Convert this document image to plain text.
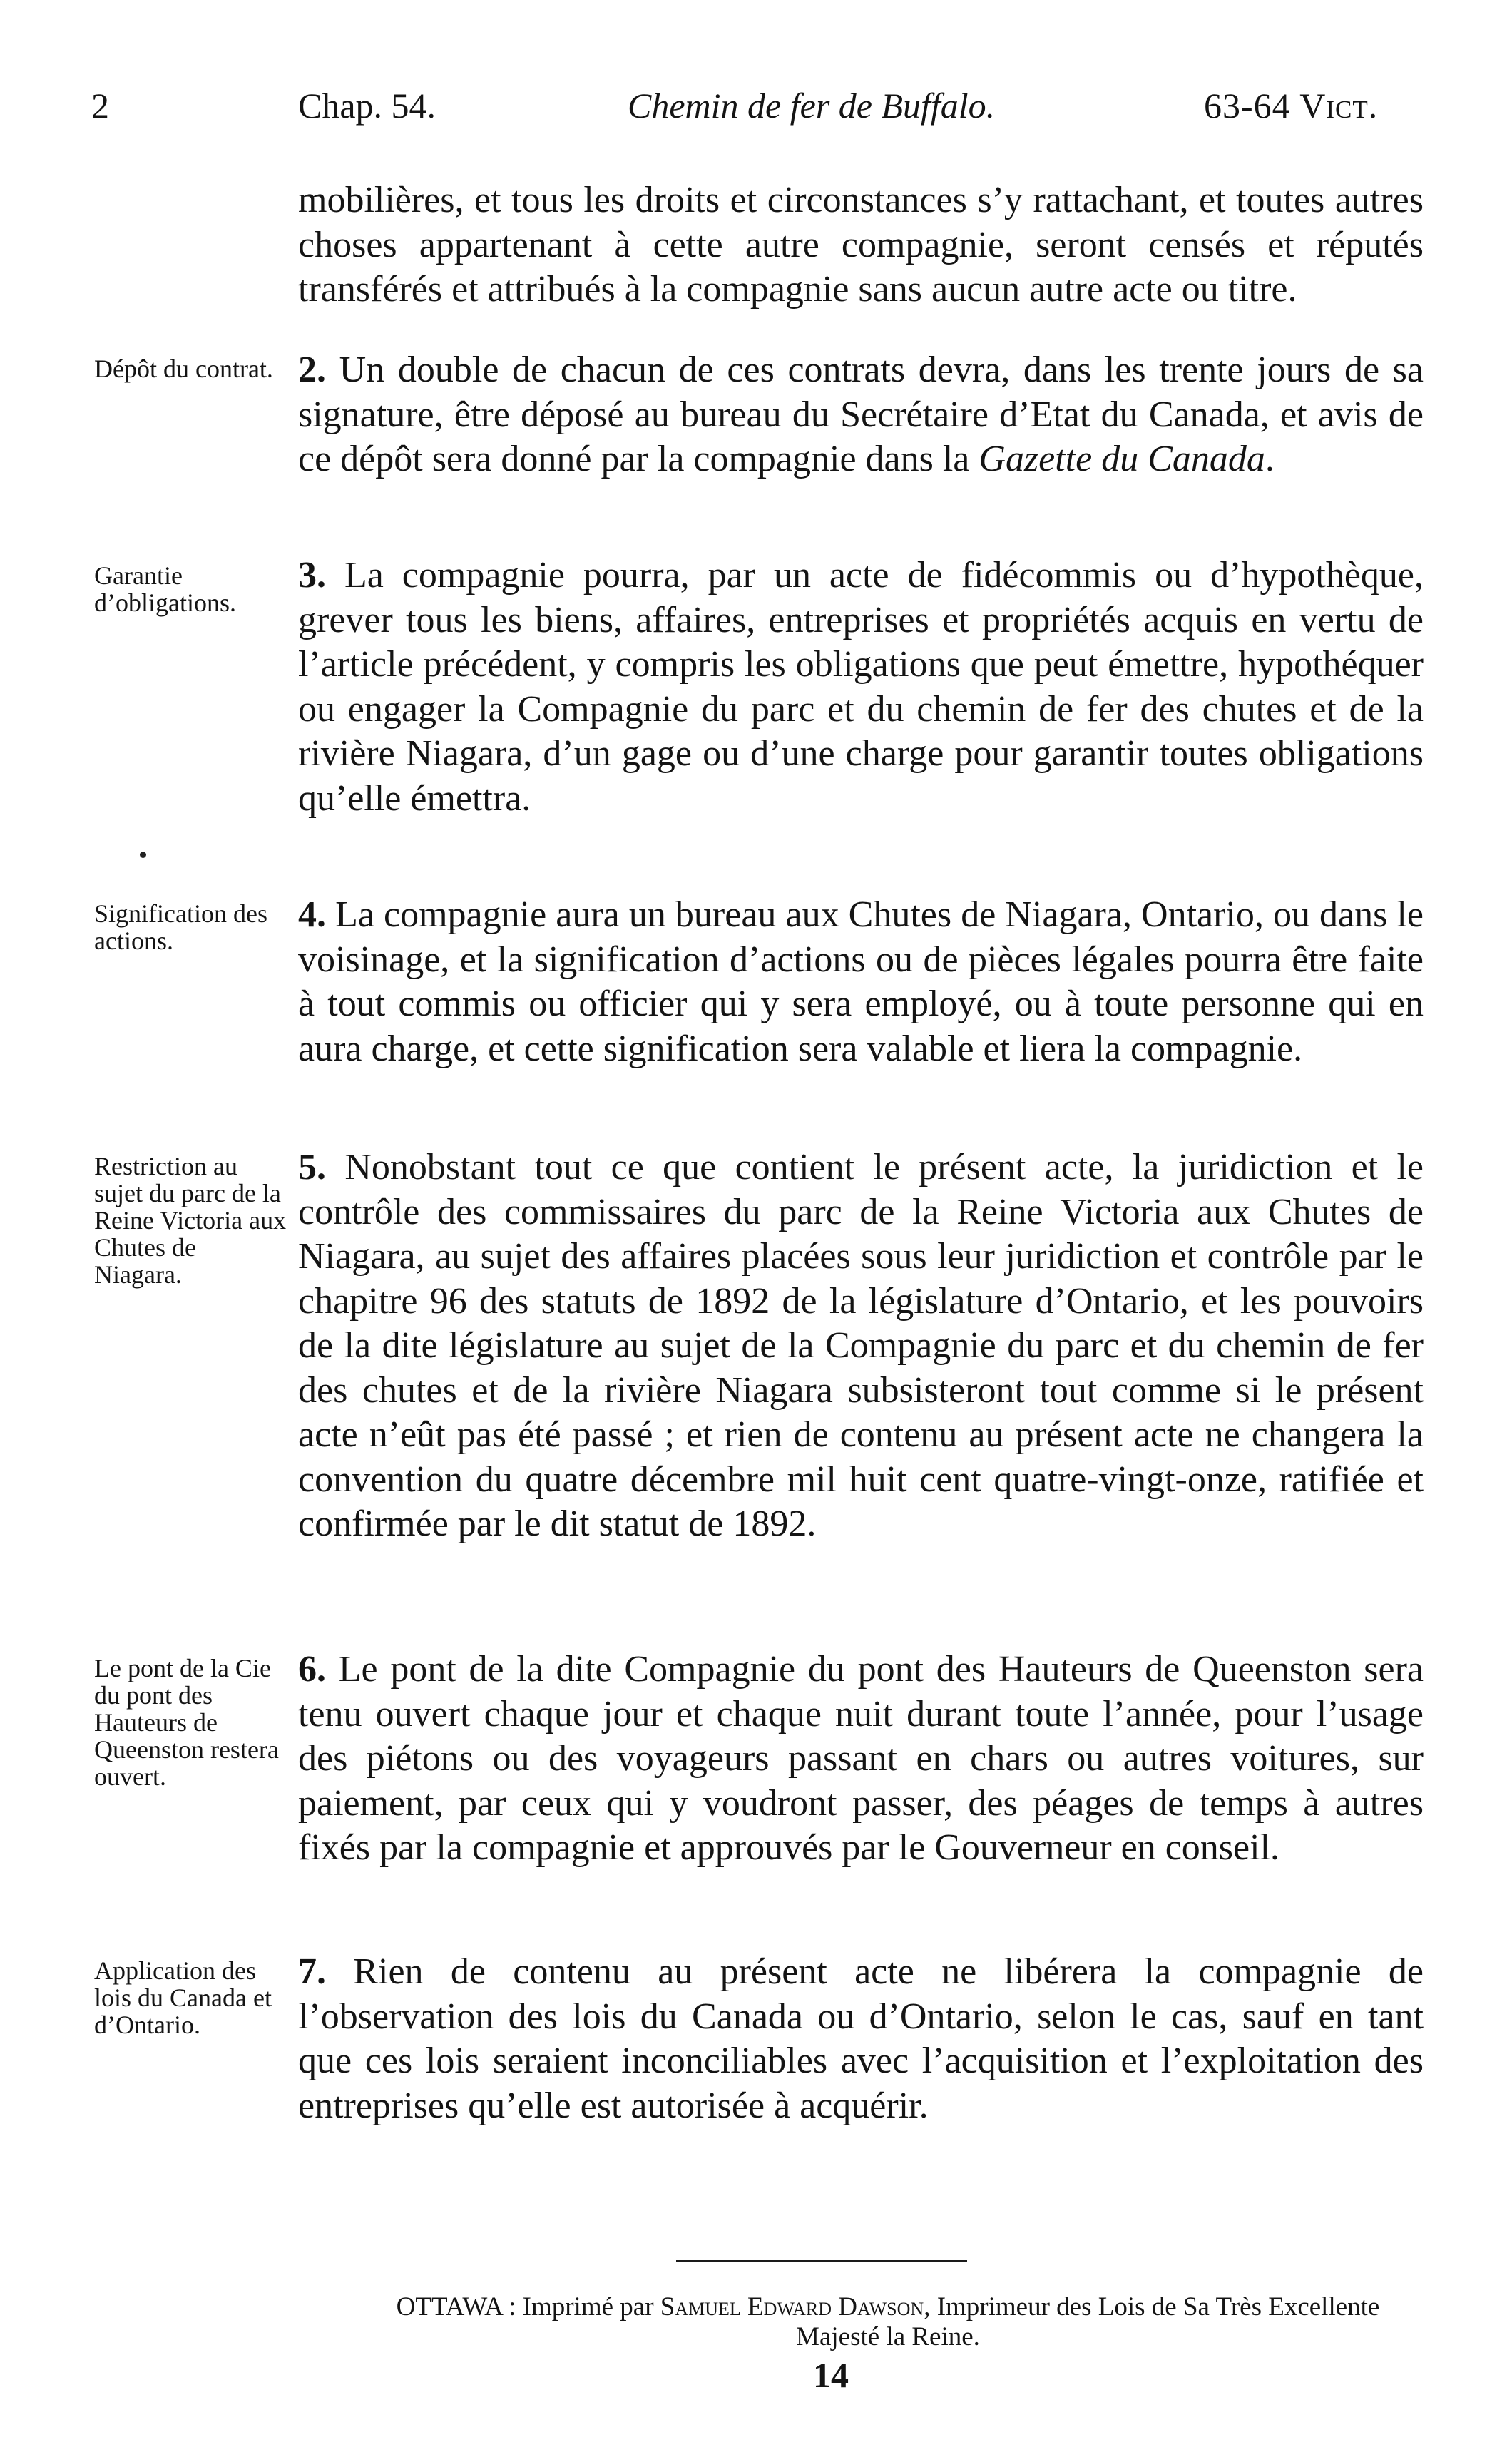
2	Chap. 54.	Chemin de fer de Buffalo.	63-64 Vict.

mobilières, et tous les droits et circonstances s’y rattachant, et toutes autres choses appartenant à cette autre compagnie, seront censés et réputés transférés et attribués à la compagnie sans aucun autre acte ou titre.

Dépôt du contrat. 2. Un double de chacun de ces contrats devra, dans les trente jours de sa signature, être déposé au bureau du Secrétaire d’Etat du Canada, et avis de ce dépôt sera donné par la compagnie dans la Gazette du Canada.

Garantie d’obligations.

3. La compagnie pourra, par un acte de fidécommis ou d’hypothèque, grever tous les biens, affaires, entreprises et propriétés acquis en vertu de l’article précédent, y compris les obligations que peut émettre, hypothéquer ou engager la Compagnie du parc et du chemin de fer des chutes et de la rivière Niagara, d’un gage ou d’une charge pour garantir toutes obligations qu’elle émettra.

Signification des actions.

4. La compagnie aura un bureau aux Chutes de Niagara, Ontario, ou dans le voisinage, et la signification d’actions ou de pièces légales pourra être faite à tout commis ou officier qui y sera employé, ou à toute personne qui en aura charge, et cette signification sera valable et liera la compagnie.

Restriction au sujet du parc de la Reine Victoria aux Chutes de Niagara.

5. Nonobstant tout ce que contient le présent acte, la juridiction et le contrôle des commissaires du parc de la Reine Victoria aux Chutes de Niagara, au sujet des affaires placées sous leur juridiction et contrôle par le chapitre 96 des statuts de 1892 de la législature d’Ontario, et les pouvoirs de la dite législature au sujet de la Compagnie du parc et du chemin de fer des chutes et de la rivière Niagara subsisteront tout comme si le présent acte n’eût pas été passé ; et rien de contenu au présent acte ne changera la convention du quatre décembre mil huit cent quatre-vingt-onze, ratifiée et confirmée par le dit statut de 1892.

Le pont de la Cie du pont des Hauteurs de Queenston restera ouvert.

6. Le pont de la dite Compagnie du pont des Hauteurs de Queenston sera tenu ouvert chaque jour et chaque nuit durant toute l’année, pour l’usage des piétons ou des voyageurs passant en chars ou autres voitures, sur paiement, par ceux qui y voudront passer, des péages de temps à autres fixés par la compagnie et approuvés par le Gouverneur en conseil.

Application des lois du Canada et d’Ontario.

7. Rien de contenu au présent acte ne libérera la compagnie de l’observation des lois du Canada ou d’Ontario, selon le cas, sauf en tant que ces lois seraient inconciliables avec l’acquisition et l’exploitation des entreprises qu’elle est autorisée à acquérir.

OTTAWA : Imprimé par Samuel Edward Dawson, Imprimeur des Lois de Sa Très Excellente Majesté la Reine.
14
